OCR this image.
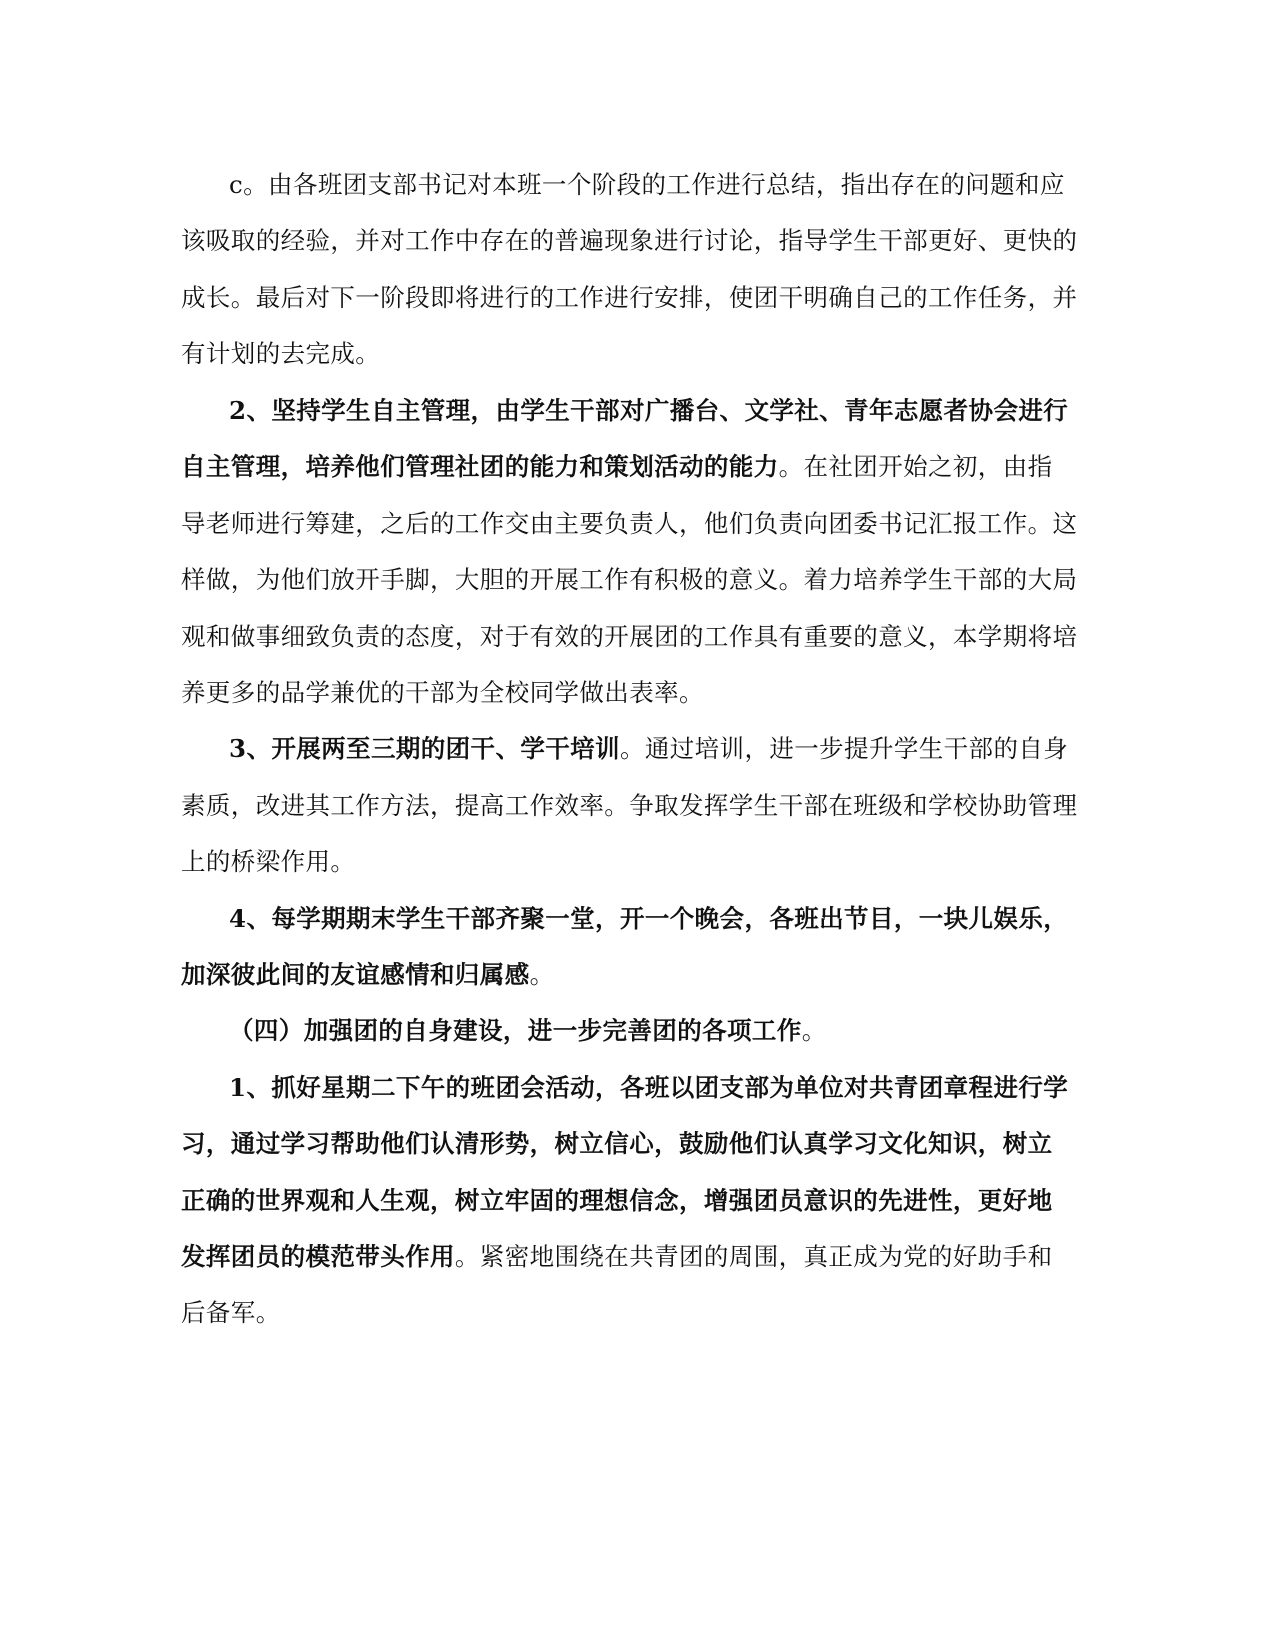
c。由各班团支部书记对本班一个阶段的工作进行总结，指出存在的问题和应
该吸取的经验，并对工作中存在的普遍现象进行讨论，指导学生干部更好、更快的
成长。最后对下一阶段即将进行的工作进行安排，使团干明确自己的工作任务，并
有计划的去完成。
2、坚持学生自主管理，由学生干部对广播台、文学社、青年志愿者协会进行
自主管理，培养他们管理社团的能力和策划活动的能力。在社团开始之初，由指
导老师进行筹建，之后的工作交由主要负责人，他们负责向团委书记汇报工作。这
样做，为他们放开手脚，大胆的开展工作有积极的意义。着力培养学生干部的大局
观和做事细致负责的态度，对于有效的开展团的工作具有重要的意义，本学期将培
养更多的品学兼优的干部为全校同学做出表率。
3、开展两至三期的团干、学干培训。通过培训，进一步提升学生干部的自身
素质，改进其工作方法，提高工作效率。争取发挥学生干部在班级和学校协助管理
上的桥梁作用。
4、每学期期末学生干部齐聚一堂，开一个晚会，各班出节目，一块儿娱乐，
加深彼此间的友谊感情和归属感。
（四）加强团的自身建设，进一步完善团的各项工作。
1、抓好星期二下午的班团会活动，各班以团支部为单位对共青团章程进行学
习，通过学习帮助他们认清形势，树立信心，鼓励他们认真学习文化知识，树立
正确的世界观和人生观，树立牢固的理想信念，增强团员意识的先进性，更好地
发挥团员的模范带头作用。紧密地围绕在共青团的周围，真正成为党的好助手和
后备军。
